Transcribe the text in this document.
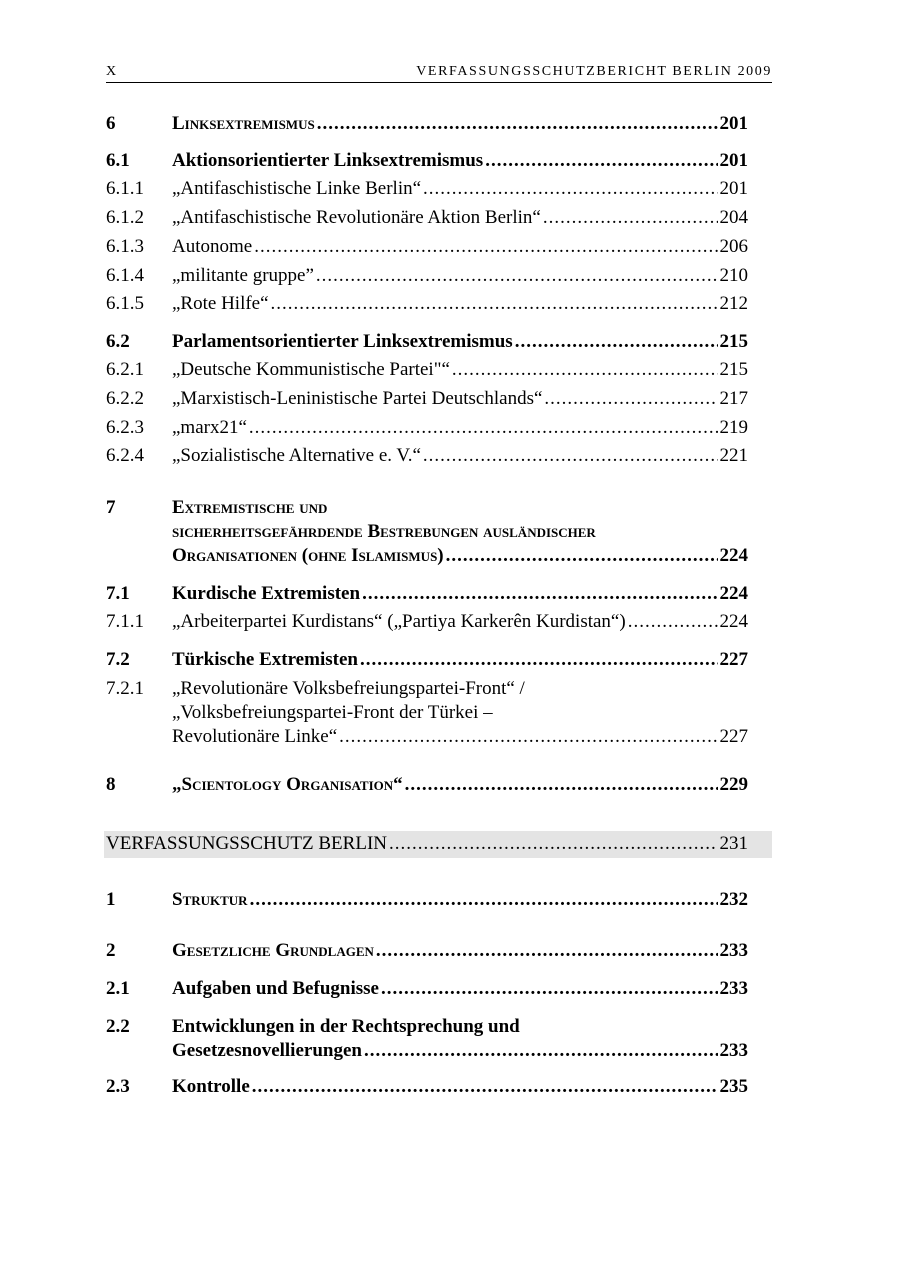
X	VERFASSUNGSSCHUTZBERICHT BERLIN 2009
6	Linksextremismus .....	201
6.1 Aktionsorientierter Linksextremismus .....	201
6.1.1 „Antifaschistische Linke Berlin“ .....	201
6.1.2 „Antifaschistische Revolutionäre Aktion Berlin“ .....	204
6.1.3 Autonome .....	206
6.1.4 „militante gruppe” .....	210
6.1.5 „Rote Hilfe“ .....	212
6.2 Parlamentsorientierter Linksextremismus .....	215
6.2.1 „Deutsche Kommunistische Partei"“ .....	215
6.2.2 „Marxistisch-Leninistische Partei Deutschlands“ .....	217
6.2.3 „marx21“ .....	219
6.2.4 „Sozialistische Alternative e. V.“ .....	221
7	Extremistische und
sicherheitsgefährdende Bestrebungen ausländischer
Organisationen (ohne Islamismus) .....	224
7.1 Kurdische Extremisten .....	224
7.1.1 „Arbeiterpartei Kurdistans“ („Partiya Karkerên Kurdistan“) .....	224
7.2 Türkische Extremisten .....	227
7.2.1 „Revolutionäre Volksbefreiungspartei-Front“ /
„Volksbefreiungspartei-Front der Türkei –
Revolutionäre Linke“ .....	227
8	„Scientology Organisation“ .....	229
1	Struktur .....	232
2	Gesetzliche Grundlagen .....	233
2.1 Aufgaben und Befugnisse .....	233
2.2 Entwicklungen in der Rechtsprechung und
Gesetzesnovellierungen .....	233
2.3 Kontrolle .....	235
VERFASSUNGSSCHUTZ BERLIN .....	231
